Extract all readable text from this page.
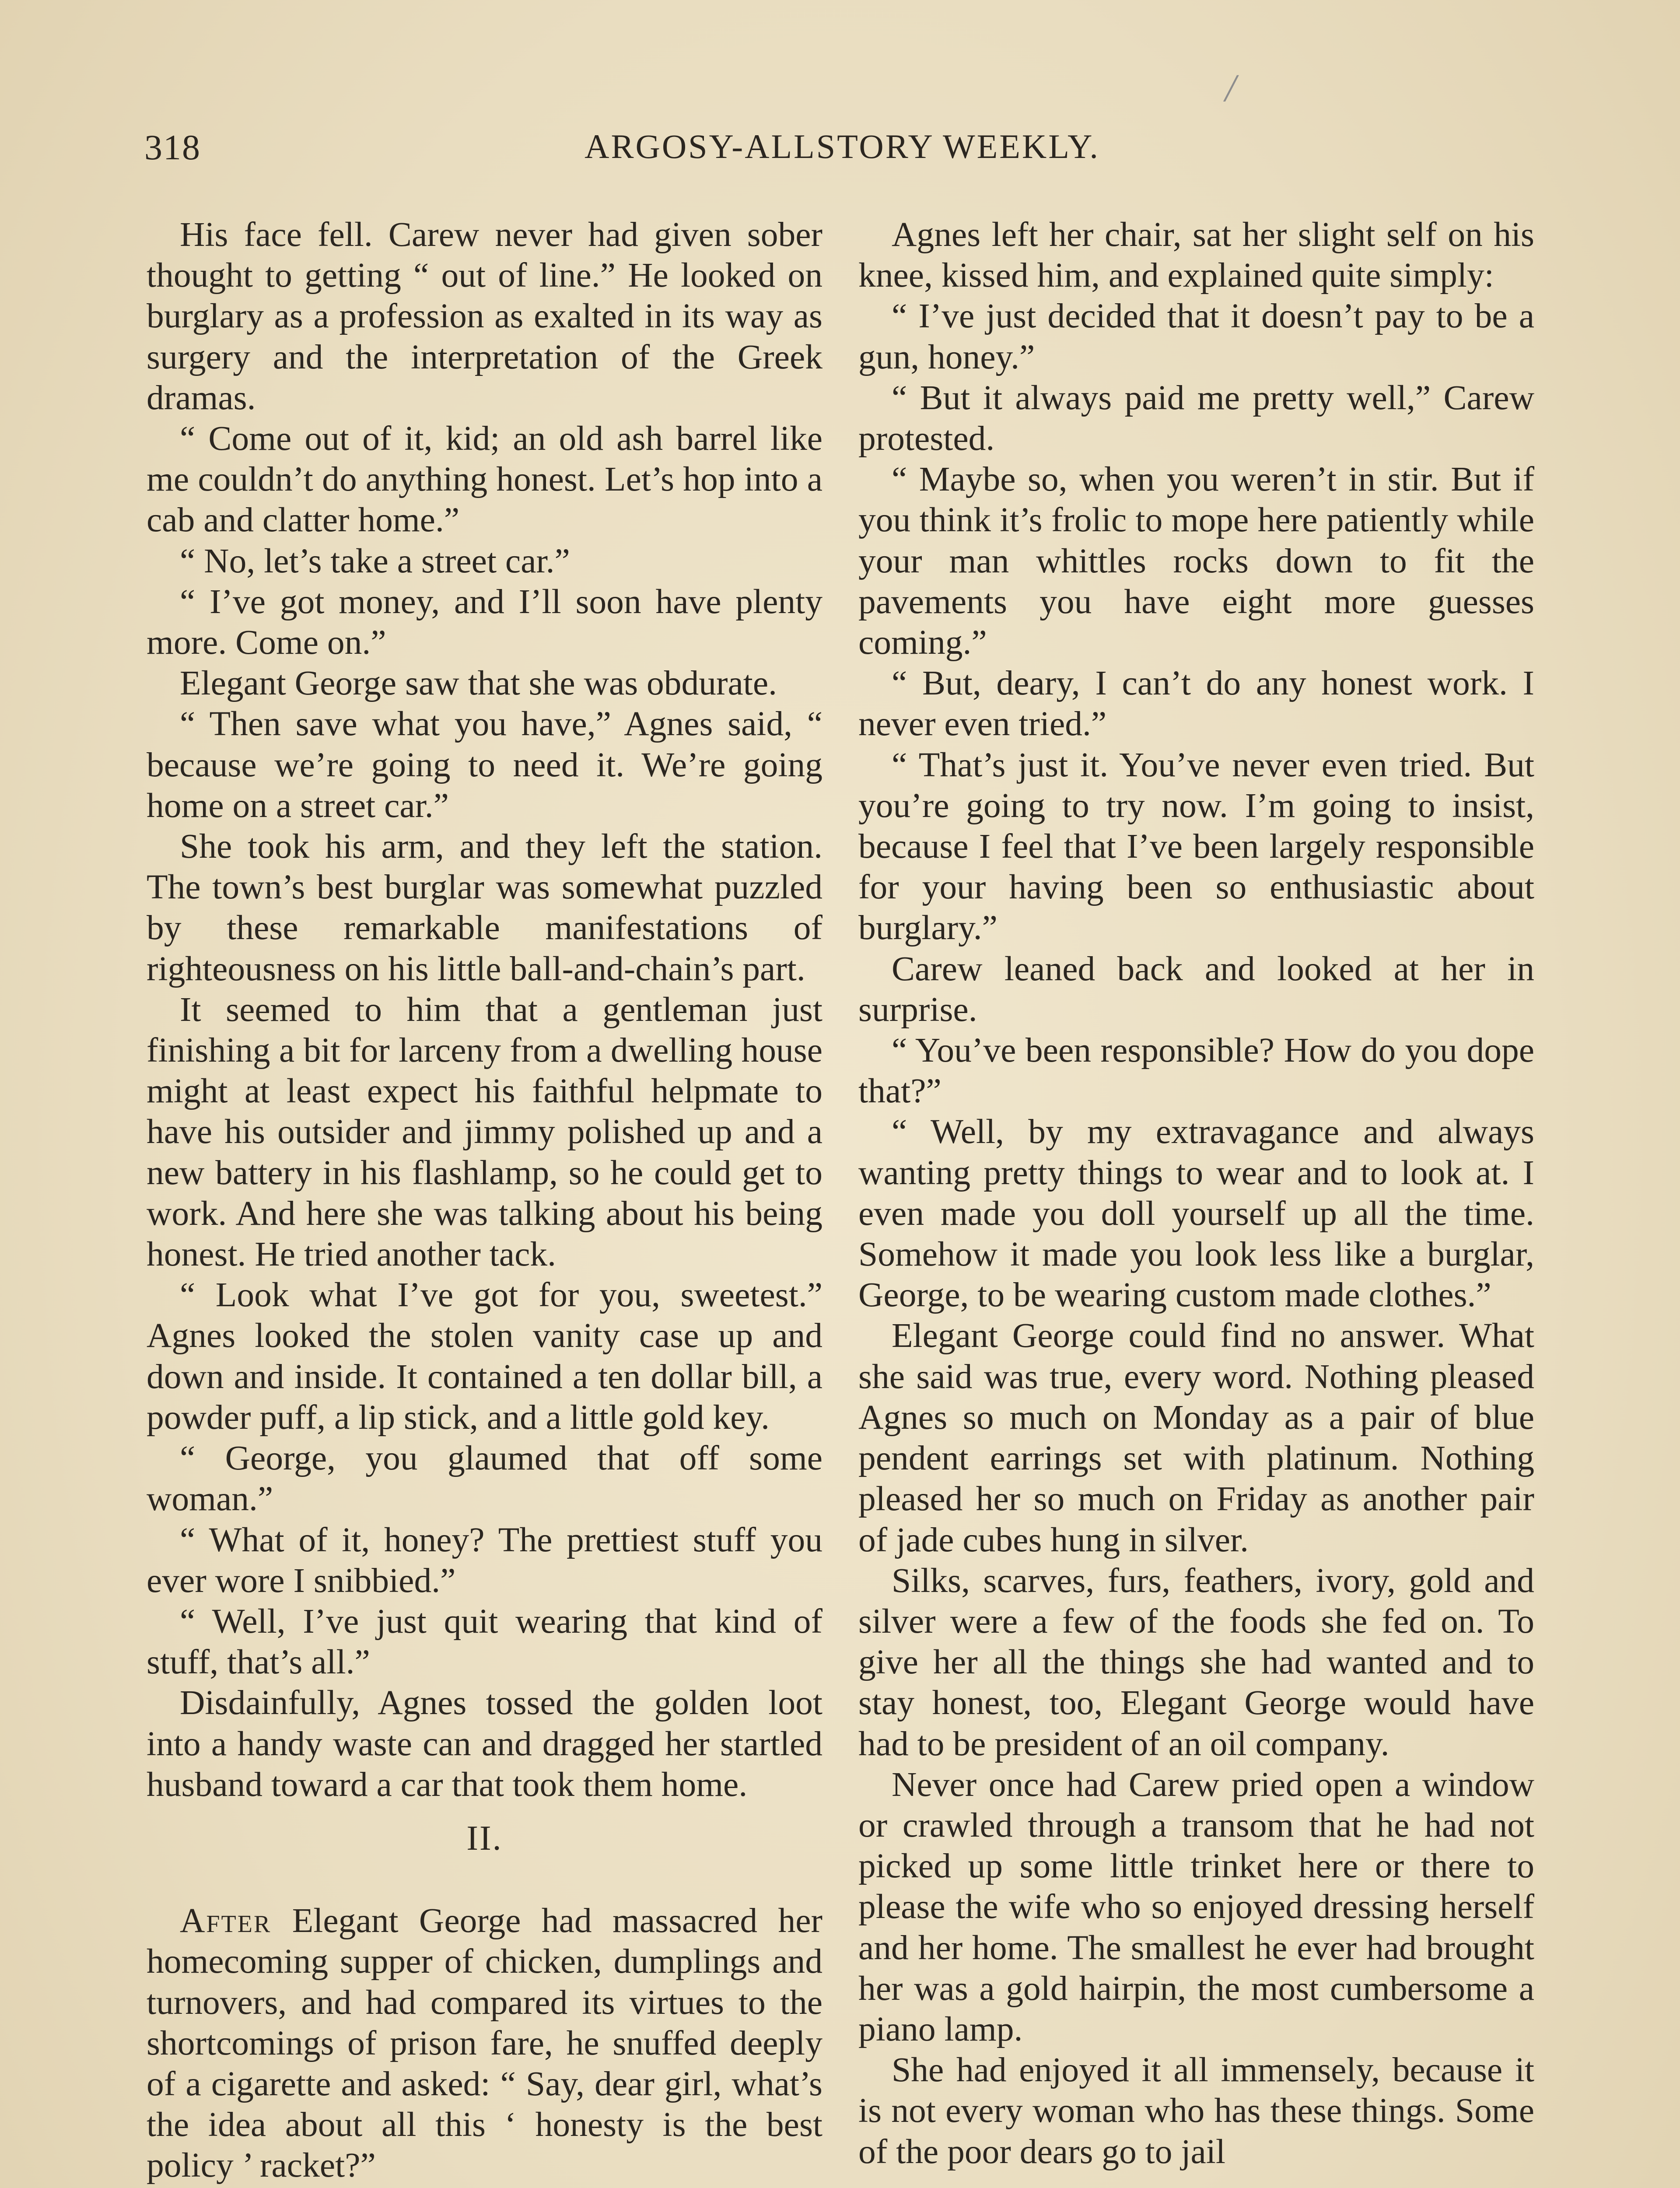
318	ARGOSY-ALLSTORY WEEKLY.
/

His face fell. Carew never had given sober thought to getting “ out of line.” He looked on burglary as a profession as exalted in its way as surgery and the interpretation of the Greek dramas.

“ Come out of it, kid; an old ash barrel like me couldn’t do anything honest. Let’s hop into a cab and clatter home.”

“ No, let’s take a street car.”

“ I’ve got money, and I’ll soon have plenty more. Come on.”

Elegant George saw that she was obdurate.

“ Then save what you have,” Agnes said, “ because we’re going to need it. We’re going home on a street car.”

She took his arm, and they left the station. The town’s best burglar was somewhat puzzled by these remarkable manifestations of righteousness on his little ball-and-chain’s part.

It seemed to him that a gentleman just finishing a bit for larceny from a dwelling house might at least expect his faithful helpmate to have his outsider and jimmy polished up and a new battery in his flashlamp, so he could get to work. And here she was talking about his being honest. He tried another tack.

“ Look what I’ve got for you, sweetest.” Agnes looked the stolen vanity case up and down and inside. It contained a ten dollar bill, a powder puff, a lip stick, and a little gold key.

“ George, you glaumed that off some woman.”

“ What of it, honey? The prettiest stuff you ever wore I snibbied.”

“ Well, I’ve just quit wearing that kind of stuff, that’s all.”

Disdainfully, Agnes tossed the golden loot into a handy waste can and dragged her startled husband toward a car that took them home.

II.

After Elegant George had massacred her homecoming supper of chicken, dumplings and turnovers, and had compared its virtues to the shortcomings of prison fare, he snuffed deeply of a cigarette and asked: “ Say, dear girl, what’s the idea about all this ‘ honesty is the best policy ’ racket?”

Agnes left her chair, sat her slight self on his knee, kissed him, and explained quite simply:

“ I’ve just decided that it doesn’t pay to be a gun, honey.”

“ But it always paid me pretty well,” Carew protested.

“ Maybe so, when you weren’t in stir. But if you think it’s frolic to mope here patiently while your man whittles rocks down to fit the pavements you have eight more guesses coming.”

“ But, deary, I can’t do any honest work. I never even tried.”

“ That’s just it. You’ve never even tried. But you’re going to try now. I’m going to insist, because I feel that I’ve been largely responsible for your having been so enthusiastic about burglary.”

Carew leaned back and looked at her in surprise.

“ You’ve been responsible? How do you dope that?”

“ Well, by my extravagance and always wanting pretty things to wear and to look at. I even made you doll yourself up all the time. Somehow it made you look less like a burglar, George, to be wearing custom made clothes.”

Elegant George could find no answer. What she said was true, every word. Nothing pleased Agnes so much on Monday as a pair of blue pendent earrings set with platinum. Nothing pleased her so much on Friday as another pair of jade cubes hung in silver.

Silks, scarves, furs, feathers, ivory, gold and silver were a few of the foods she fed on. To give her all the things she had wanted and to stay honest, too, Elegant George would have had to be president of an oil company.

Never once had Carew pried open a window or crawled through a transom that he had not picked up some little trinket here or there to please the wife who so enjoyed dressing herself and her home. The smallest he ever had brought her was a gold hairpin, the most cumbersome a piano lamp.

She had enjoyed it all immensely, because it is not every woman who has these things. Some of the poor dears go to jail
